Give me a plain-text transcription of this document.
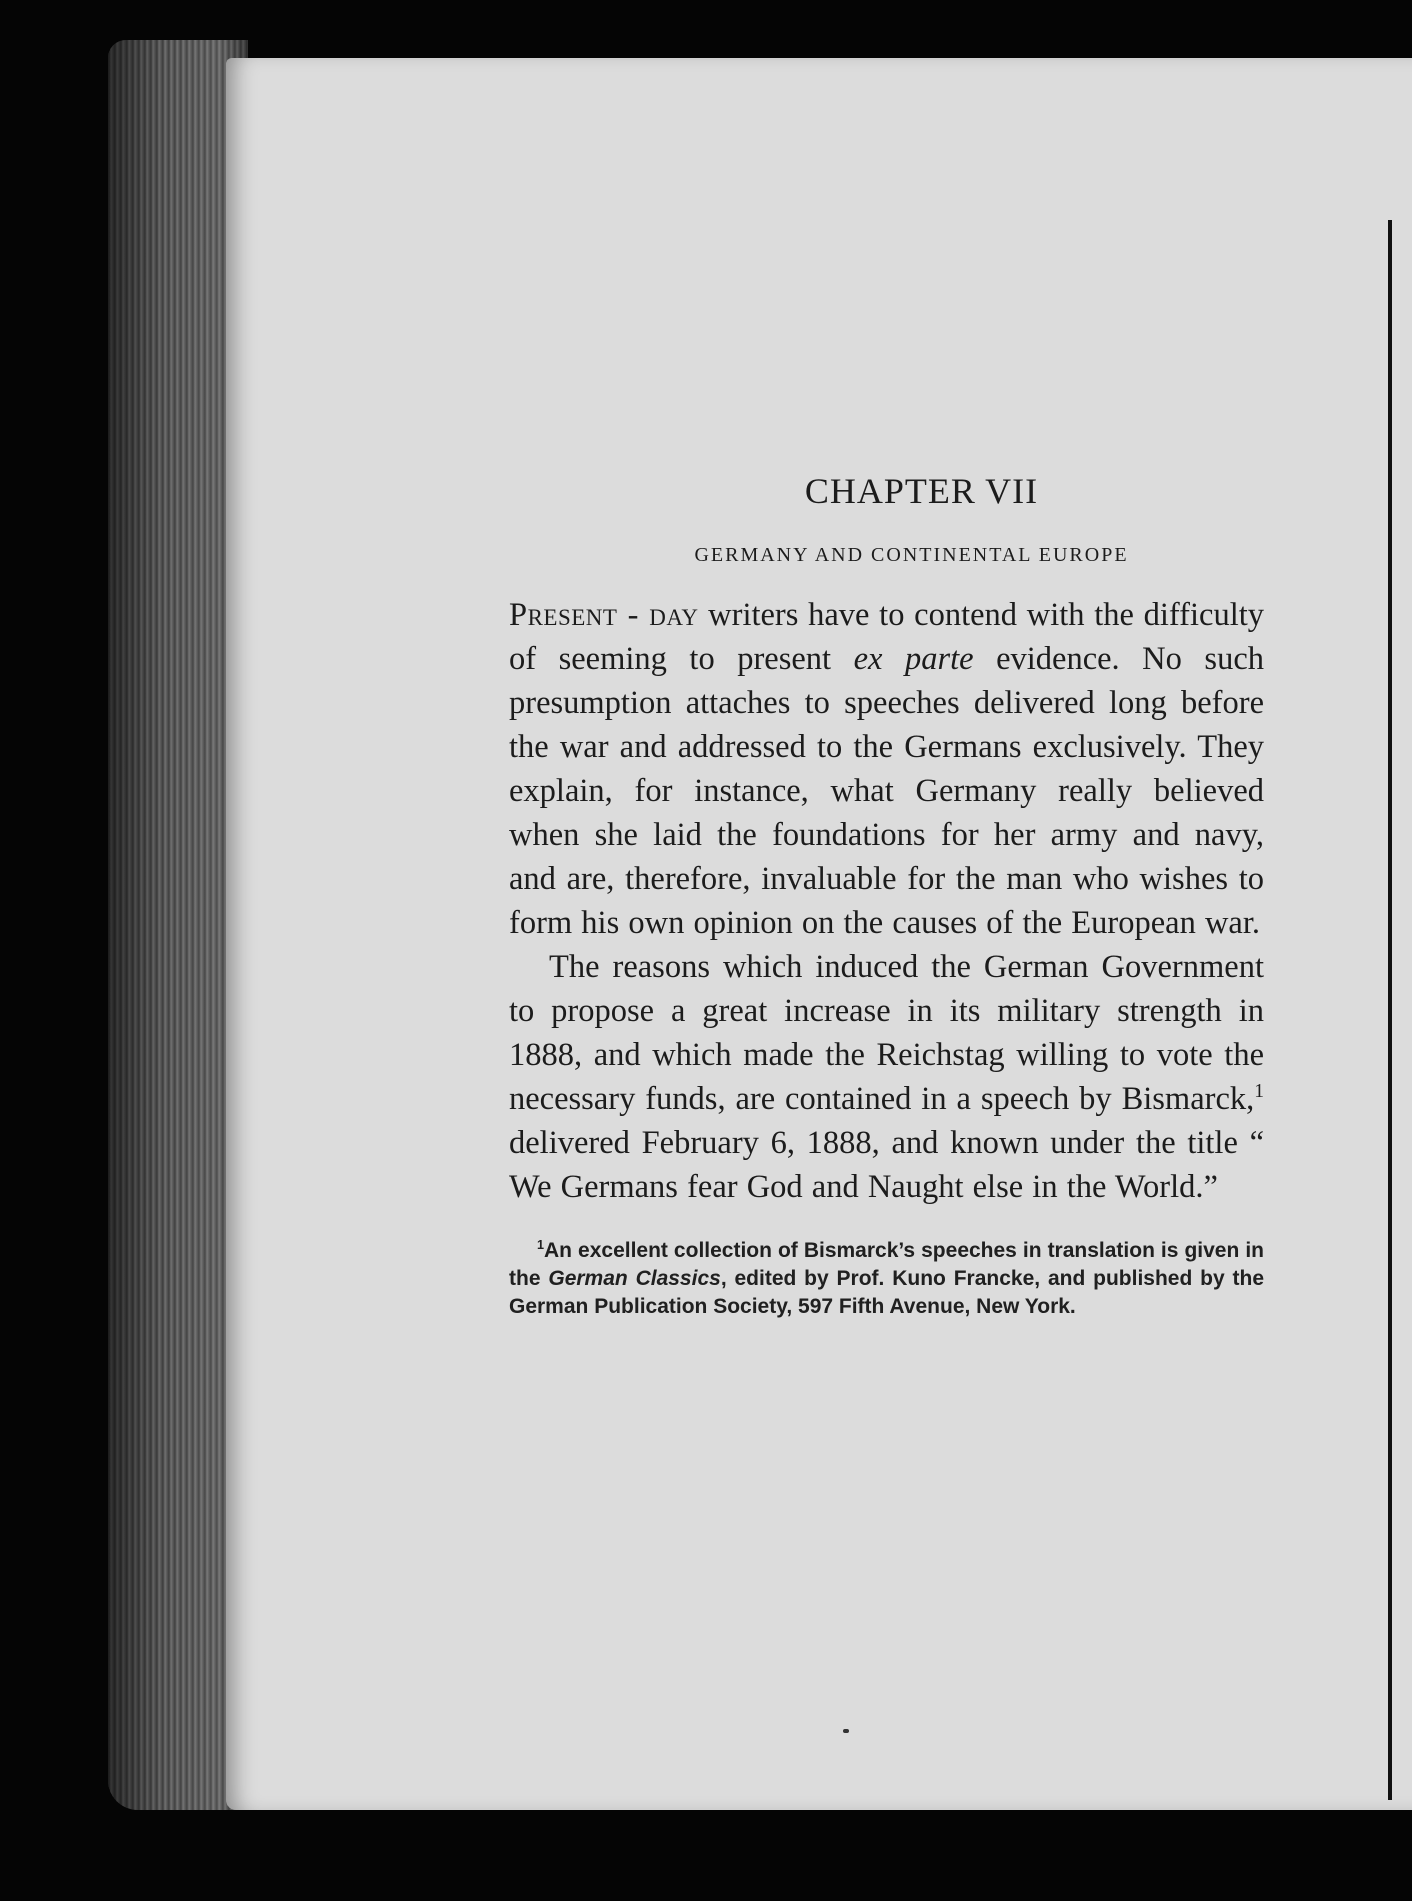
CHAPTER VII
GERMANY AND CONTINENTAL EUROPE

Present - day writers have to contend with the difficulty of seeming to present ex parte evidence. No such presumption attaches to speeches delivered long before the war and addressed to the Germans exclusively. They explain, for instance, what Germany really believed when she laid the foundations for her army and navy, and are, therefore, invaluable for the man who wishes to form his own opinion on the causes of the European war.

The reasons which induced the German Government to propose a great increase in its military strength in 1888, and which made the Reichstag willing to vote the necessary funds, are contained in a speech by Bismarck,$^1$ delivered February 6, 1888, and known under the title “ We Germans fear God and Naught else in the World.”

$^1$An excellent collection of Bismarck’s speeches in translation is given in the German Classics, edited by Prof. Kuno Francke, and published by the German Publication Society, 597 Fifth Avenue, New York.
